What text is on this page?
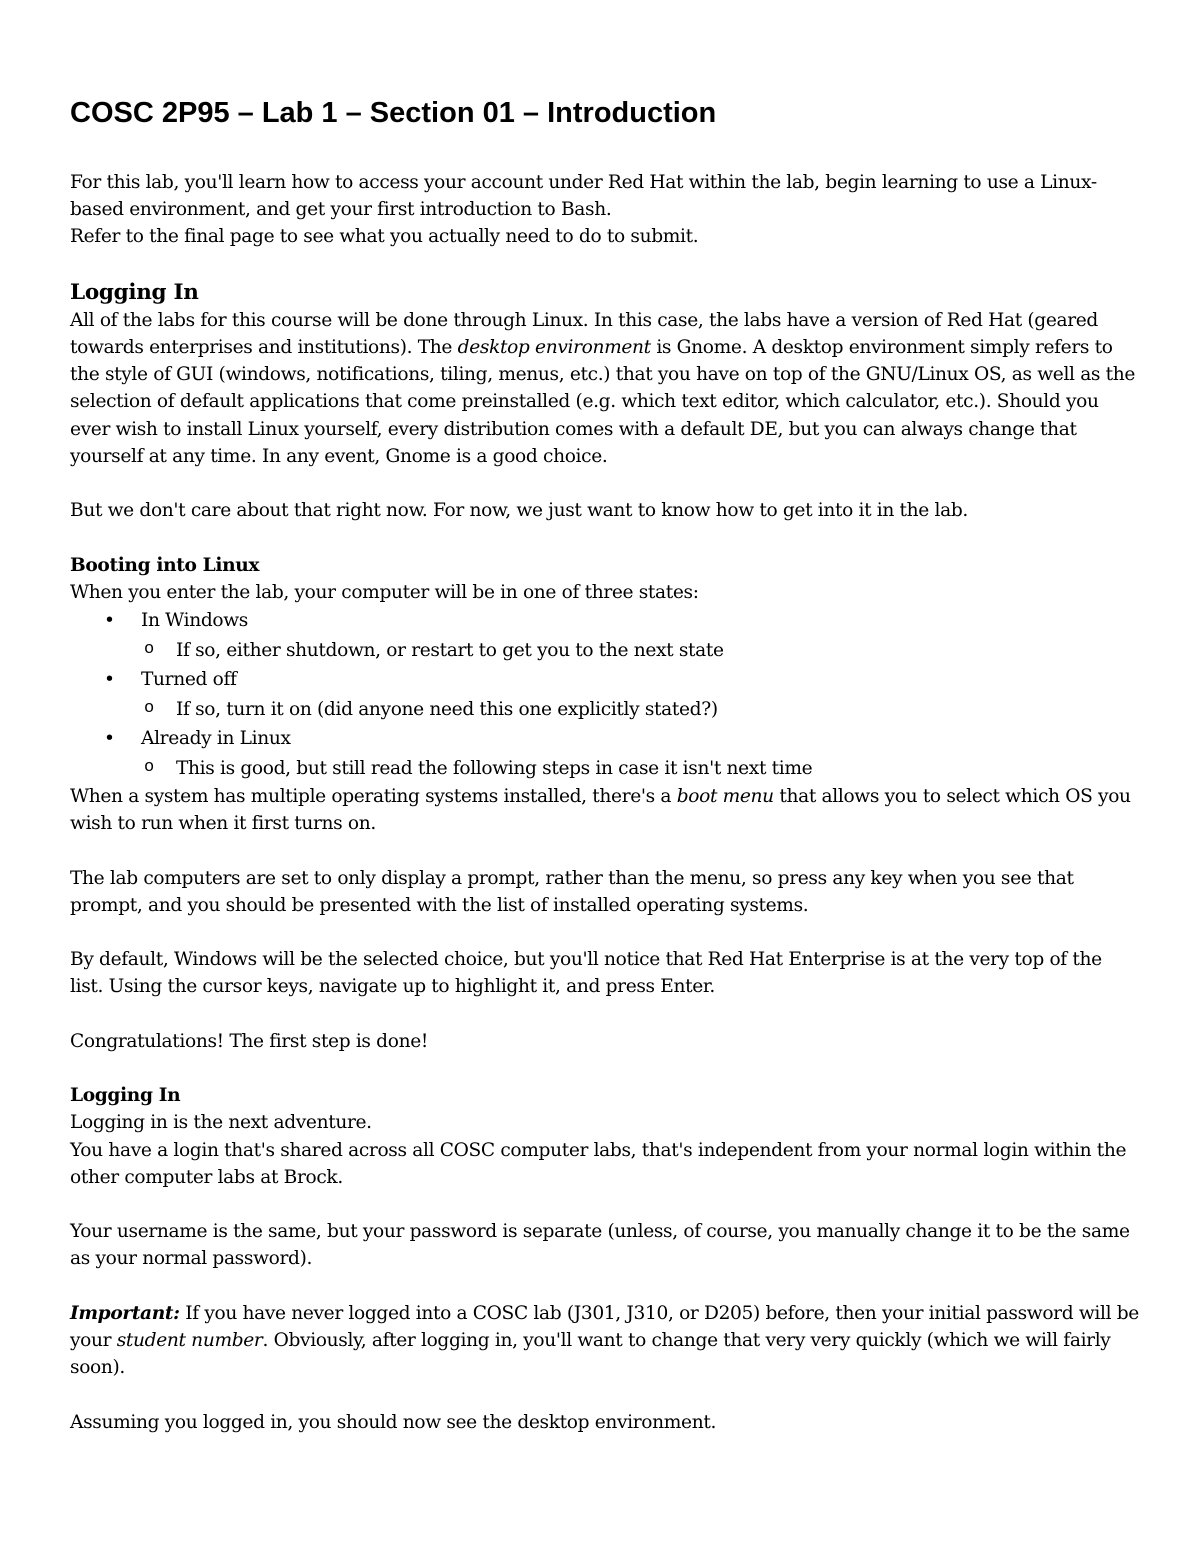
COSC 2P95 – Lab 1 – Section 01 – Introduction

For this lab, you'll learn how to access your account under Red Hat within the lab, begin learning to use a Linux-based environment, and get your first introduction to Bash.
Refer to the final page to see what you actually need to do to submit.

Logging In

All of the labs for this course will be done through Linux. In this case, the labs have a version of Red Hat (geared towards enterprises and institutions). The desktop environment is Gnome. A desktop environment simply refers to the style of GUI (windows, notifications, tiling, menus, etc.) that you have on top of the GNU/Linux OS, as well as the selection of default applications that come preinstalled (e.g. which text editor, which calculator, etc.). Should you ever wish to install Linux yourself, every distribution comes with a default DE, but you can always change that yourself at any time. In any event, Gnome is a good choice.

But we don't care about that right now. For now, we just want to know how to get into it in the lab.

Booting into Linux

When you enter the lab, your computer will be in one of three states:

• In Windows
o If so, either shutdown, or restart to get you to the next state
• Turned off
o If so, turn it on (did anyone need this one explicitly stated?)
• Already in Linux
o This is good, but still read the following steps in case it isn't next time

When a system has multiple operating systems installed, there's a boot menu that allows you to select which OS you wish to run when it first turns on.

The lab computers are set to only display a prompt, rather than the menu, so press any key when you see that prompt, and you should be presented with the list of installed operating systems.

By default, Windows will be the selected choice, but you'll notice that Red Hat Enterprise is at the very top of the list. Using the cursor keys, navigate up to highlight it, and press Enter.

Congratulations! The first step is done!

Logging In

Logging in is the next adventure.

You have a login that's shared across all COSC computer labs, that's independent from your normal login within the other computer labs at Brock.

Your username is the same, but your password is separate (unless, of course, you manually change it to be the same as your normal password).

Important: If you have never logged into a COSC lab (J301, J310, or D205) before, then your initial password will be your student number. Obviously, after logging in, you'll want to change that very very quickly (which we will fairly soon).

Assuming you logged in, you should now see the desktop environment.
